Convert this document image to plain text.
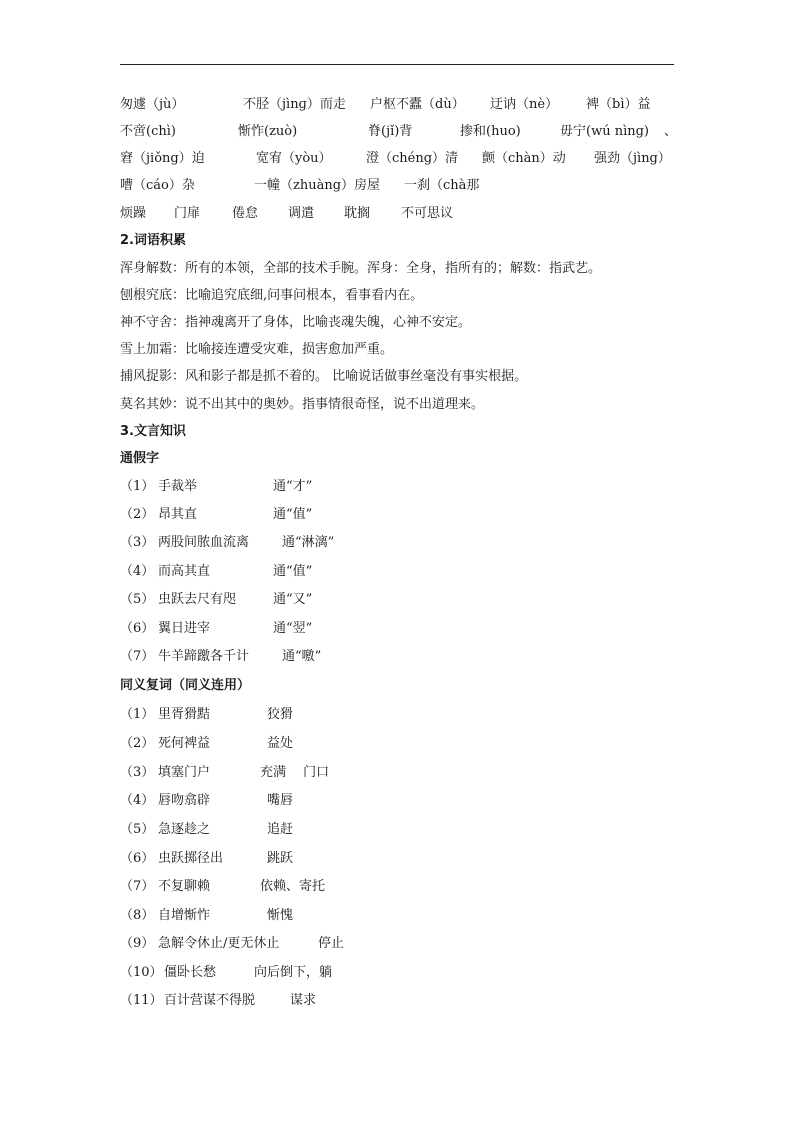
匆遽（jù）	不胫（jìnɡ）而走 户枢不蠹（dù） 迂讷（nè） 裨（bì）益
不啻(chì)	惭怍(zuò)	脊(jǐ)背	掺和(huo)	毋宁(wú nìng) 、
窘（jiǒng）迫	宽宥（yòu）	澄（chéng）清 颤（chàn）动 强劲（jìng）
嘈（cáo）杂	一幢（zhuàng）房屋 一刹（chà那
烦躁 门扉 倦怠 调遣 耽搁 不可思议
2.词语积累
浑身解数：所有的本领，全部的技术手腕。浑身：全身，指所有的；解数：指武艺。
刨根究底：比喻追究底细,问事问根本，看事看内在。
神不守舍：指神魂离开了身体，比喻丧魂失魄，心神不安定。
雪上加霜：比喻接连遭受灾难，损害愈加严重。
捕风捉影：风和影子都是抓不着的。 比喻说话做事丝毫没有事实根据。
莫名其妙：说不出其中的奥妙。指事情很奇怪，说不出道理来。
3.文言知识
通假字
（1） 手裁举	通“才”
（2） 昂其直	通“值”
（3） 两股间脓血流离	通“淋漓”
（4） 而高其直	通“值”
（5） 虫跃去尺有咫	通“又”
（6） 翼日进宰	通“翌”
（7） 牛羊蹄躈各千计	通“噭”
同义复词（同义连用）
（1） 里胥猾黠	狡猾
（2） 死何裨益	益处
（3） 填塞门户	充满　 门口
（4） 唇吻翕辟	嘴唇
（5） 急逐趁之	追赶
（6） 虫跃掷径出	跳跃
（7） 不复聊赖	依赖、寄托
（8） 自增惭怍	惭愧
（9） 急解令休止/更无休止	停止
（10） 僵卧长愁	向后倒下，躺
（11） 百计营谋不得脱	谋求
